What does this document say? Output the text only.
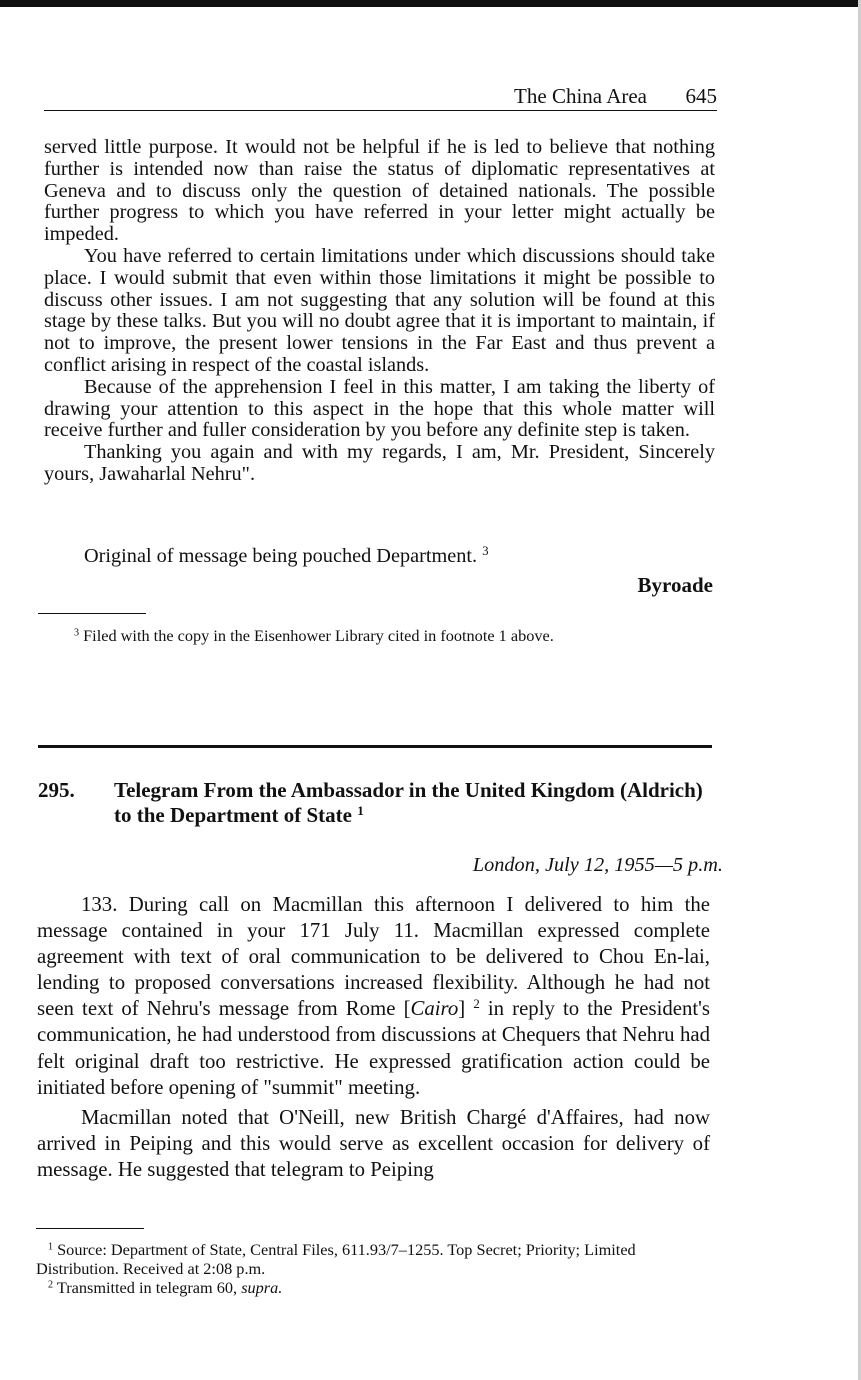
The China Area 645

served little purpose. It would not be helpful if he is led to believe that nothing further is intended now than raise the status of diplomatic representatives at Geneva and to discuss only the question of detained nationals. The possible further progress to which you have referred in your letter might actually be impeded.

You have referred to certain limitations under which discussions should take place. I would submit that even within those limitations it might be possible to discuss other issues. I am not suggesting that any solution will be found at this stage by these talks. But you will no doubt agree that it is important to maintain, if not to improve, the present lower tensions in the Far East and thus prevent a conflict arising in respect of the coastal islands.

Because of the apprehension I feel in this matter, I am taking the liberty of drawing your attention to this aspect in the hope that this whole matter will receive further and fuller consideration by you before any definite step is taken.

Thanking you again and with my regards, I am, Mr. President, Sincerely yours, Jawaharlal Nehru".

Original of message being pouched Department. $^3$
Byroade
$^3$ Filed with the copy in the Eisenhower Library cited in footnote 1 above.
295. Telegram From the Ambassador in the United Kingdom (Aldrich) to the Department of State $^1$
London, July 12, 1955—5 p.m.

133. During call on Macmillan this afternoon I delivered to him the message contained in your 171 July 11. Macmillan expressed complete agreement with text of oral communication to be delivered to Chou En-lai, lending to proposed conversations increased flexibility. Although he had not seen text of Nehru's message from Rome [Cairo] $^2$ in reply to the President's communication, he had understood from discussions at Chequers that Nehru had felt original draft too restrictive. He expressed gratification action could be initiated before opening of "summit" meeting.

Macmillan noted that O'Neill, new British Chargé d'Affaires, had now arrived in Peiping and this would serve as excellent occasion for delivery of message. He suggested that telegram to Peiping

$^1$ Source: Department of State, Central Files, 611.93/7–1255. Top Secret; Priority; Limited Distribution. Received at 2:08 p.m.

$^2$ Transmitted in telegram 60, supra.
